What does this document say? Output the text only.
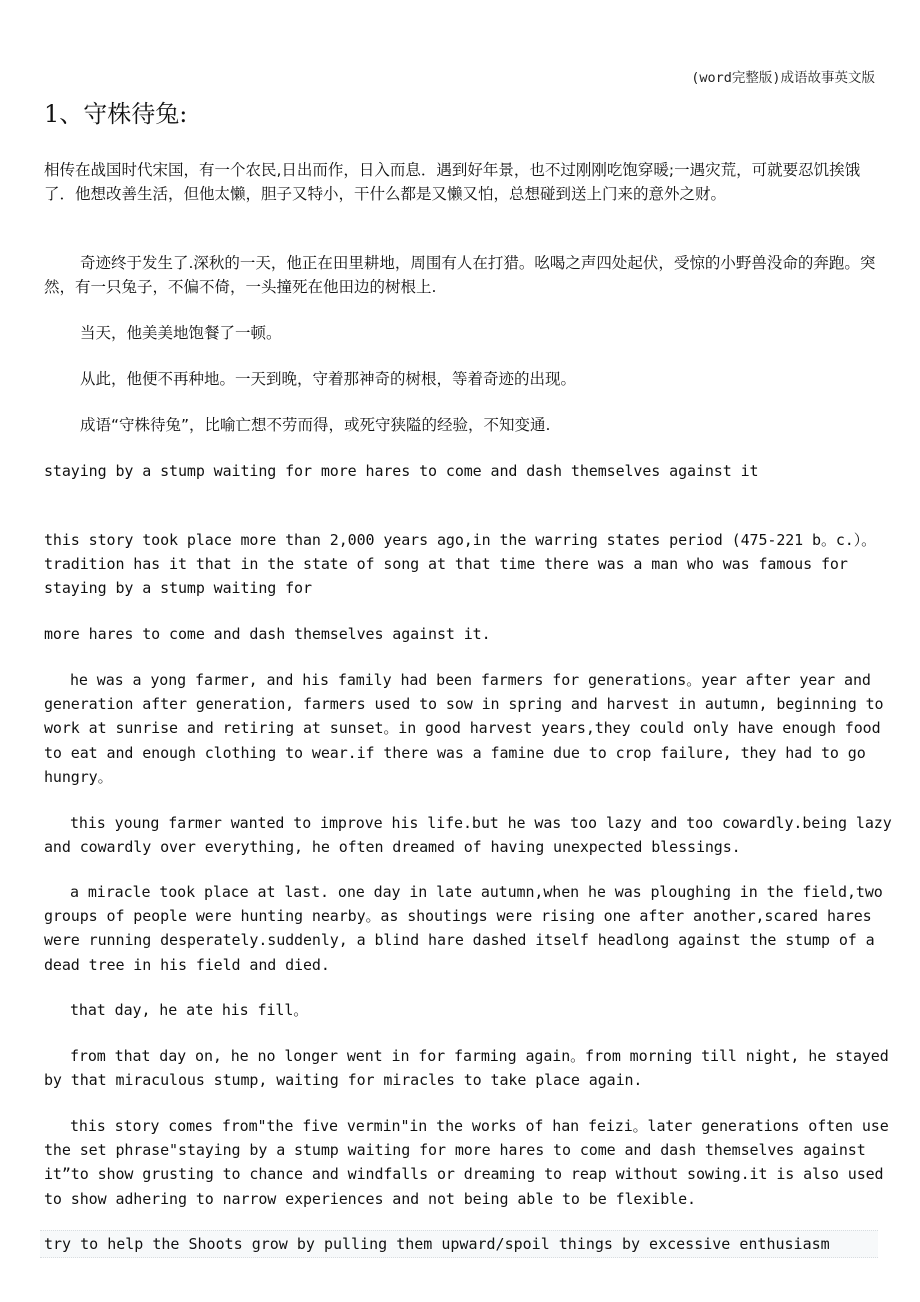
(word完整版)成语故事英文版
1、守株待兔:

相传在战国时代宋国，有一个农民,日出而作，日入而息．遇到好年景，也不过刚刚吃饱穿暖;一遇灾荒，可就要忍饥挨饿了．他想改善生活，但他太懒，胆子又特小，干什么都是又懒又怕，总想碰到送上门来的意外之财。

奇迹终于发生了.深秋的一天，他正在田里耕地，周围有人在打猎。吆喝之声四处起伏，受惊的小野兽没命的奔跑。突然，有一只兔子，不偏不倚，一头撞死在他田边的树根上.

当天，他美美地饱餐了一顿。

从此，他便不再种地。一天到晚，守着那神奇的树根，等着奇迹的出现。

成语“守株待兔”，比喻亡想不劳而得，或死守狭隘的经验，不知变通.

staying by a stump waiting for more hares to come and dash themselves against it

this story took place more than 2,000 years ago,in the warring states period (475-221 b。c.）。tradition has it that in the state of song at that time there was a man who was famous for staying by a stump waiting for

more hares to come and dash themselves against it.

he was a yong farmer, and his family had been farmers for generations。year after year and generation after generation, farmers used to sow in spring and harvest in autumn, beginning to work at sunrise and retiring at sunset。in good harvest years,they could only have enough food to eat and enough clothing to wear.if there was a famine due to crop failure, they had to go hungry。

this young farmer wanted to improve his life.but he was too lazy and too cowardly.being lazy and cowardly over everything, he often dreamed of having unexpected blessings.

a miracle took place at last. one day in late autumn,when he was ploughing in the field,two groups of people were hunting nearby。as shoutings were rising one after another,scared hares were running desperately.suddenly, a blind hare dashed itself headlong against the stump of a dead tree in his field and died.

that day, he ate his fill。

from that day on, he no longer went in for farming again。from morning till night, he stayed by that miraculous stump, waiting for miracles to take place again.

this story comes from"the five vermin"in the works of han feizi。later generations often use the set phrase"staying by a stump waiting for more hares to come and dash themselves against it”to show grusting to chance and windfalls or dreaming to reap without sowing.it is also used to show adhering to narrow experiences and not being able to be flexible.

try to help the Shoots grow by pulling them upward/spoil things by excessive enthusiasm
